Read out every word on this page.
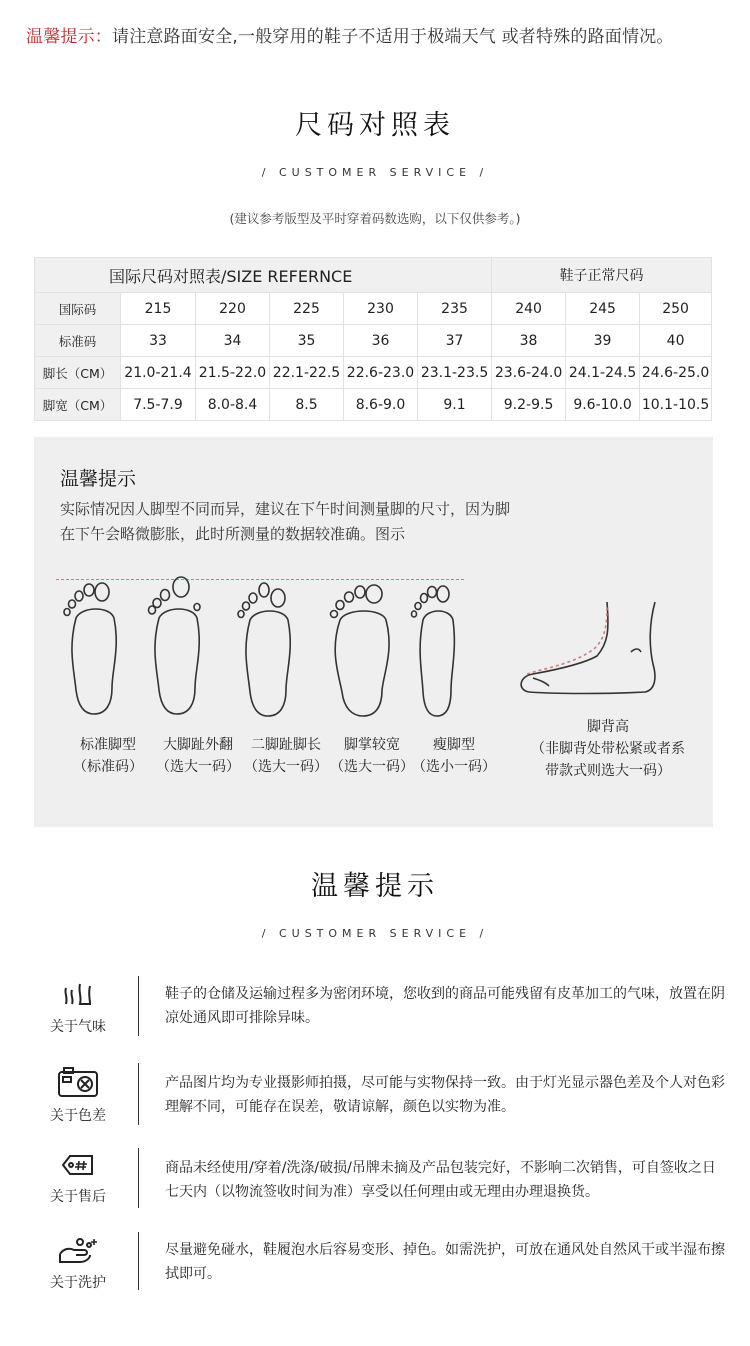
温馨提示：请注意路面安全,一般穿用的鞋子不适用于极端天气 或者特殊的路面情况。
尺码对照表
/ CUSTOMER SERVICE /
(建议参考版型及平时穿着码数选购，以下仅供参考。)
国际尺码对照表/SIZE REFERNCE						鞋子正常尺码		
国际码	215	220	225	230	235	240	245	250
标准码	33	34	35	36	37	38	39	40
脚长（CM）	21.0-21.4	21.5-22.0	22.1-22.5	22.6-23.0	23.1-23.5	23.6-24.0	24.1-24.5	24.6-25.0
脚宽（CM）	7.5-7.9	8.0-8.4	8.5	8.6-9.0	9.1	9.2-9.5	9.6-10.0	10.1-10.5
温馨提示
实际情况因人脚型不同而异，建议在下午时间测量脚的尺寸，因为脚在下午会略微膨胀，此时所测量的数据较准确。图示
标准脚型
（标准码）
大脚趾外翻
（选大一码）
二脚趾脚长
（选大一码）
脚掌较宽
（选大一码）
瘦脚型
（选小一码）
脚背高
（非脚背处带松紧或者系带款式则选大一码）
温馨提示
/ CUSTOMER SERVICE /
关于气味
鞋子的仓储及运输过程多为密闭环境，您收到的商品可能残留有皮革加工的气味，放置在阴凉处通风即可排除异味。
关于色差
产品图片均为专业摄影师拍摄，尽可能与实物保持一致。由于灯光显示器色差及个人对色彩理解不同，可能存在误差，敬请谅解，颜色以实物为准。
关于售后
商品未经使用/穿着/洗涤/破损/吊牌未摘及产品包装完好，不影响二次销售，可自签收之日七天内（以物流签收时间为准）享受以任何理由或无理由办理退换货。
关于洗护
尽量避免碰水，鞋履泡水后容易变形、掉色。如需洗护，可放在通风处自然风干或半湿布擦拭即可。
